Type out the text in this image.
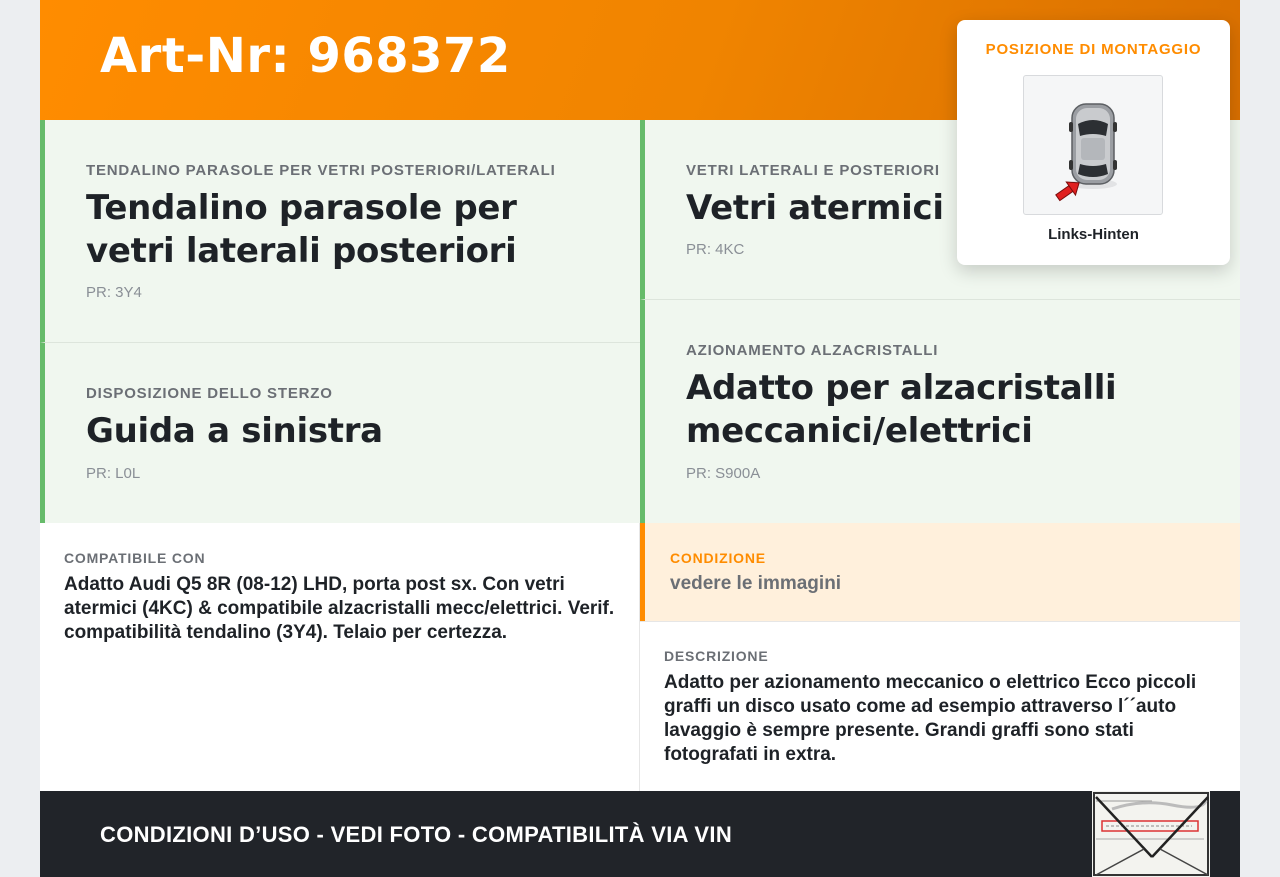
Art-Nr: 968372
TENDALINO PARASOLE PER VETRI POSTERIORI/LATERALI
Tendalino parasole per vetri laterali posteriori
PR: 3Y4
VETRI LATERALI E POSTERIORI
Vetri atermici
PR: 4KC
DISPOSIZIONE DELLO STERZO
Guida a sinistra
PR: L0L
AZIONAMENTO ALZACRISTALLI
Adatto per alzacristalli meccanici/elettrici
PR: S900A
COMPATIBILE CON
Adatto Audi Q5 8R (08-12) LHD, porta post sx. Con vetri atermici (4KC) & compatibile alzacristalli mecc/elettrici. Verif. compatibilità tendalino (3Y4). Telaio per certezza.
CONDIZIONE
vedere le immagini
DESCRIZIONE
Adatto per azionamento meccanico o elettrico Ecco piccoli graffi un disco usato come ad esempio attraverso l´´auto lavaggio è sempre presente. Grandi graffi sono stati fotografati in extra.
CONDIZIONI D’USO - VEDI FOTO - COMPATIBILITÀ VIA VIN
POSIZIONE DI MONTAGGIO
Links-Hinten
